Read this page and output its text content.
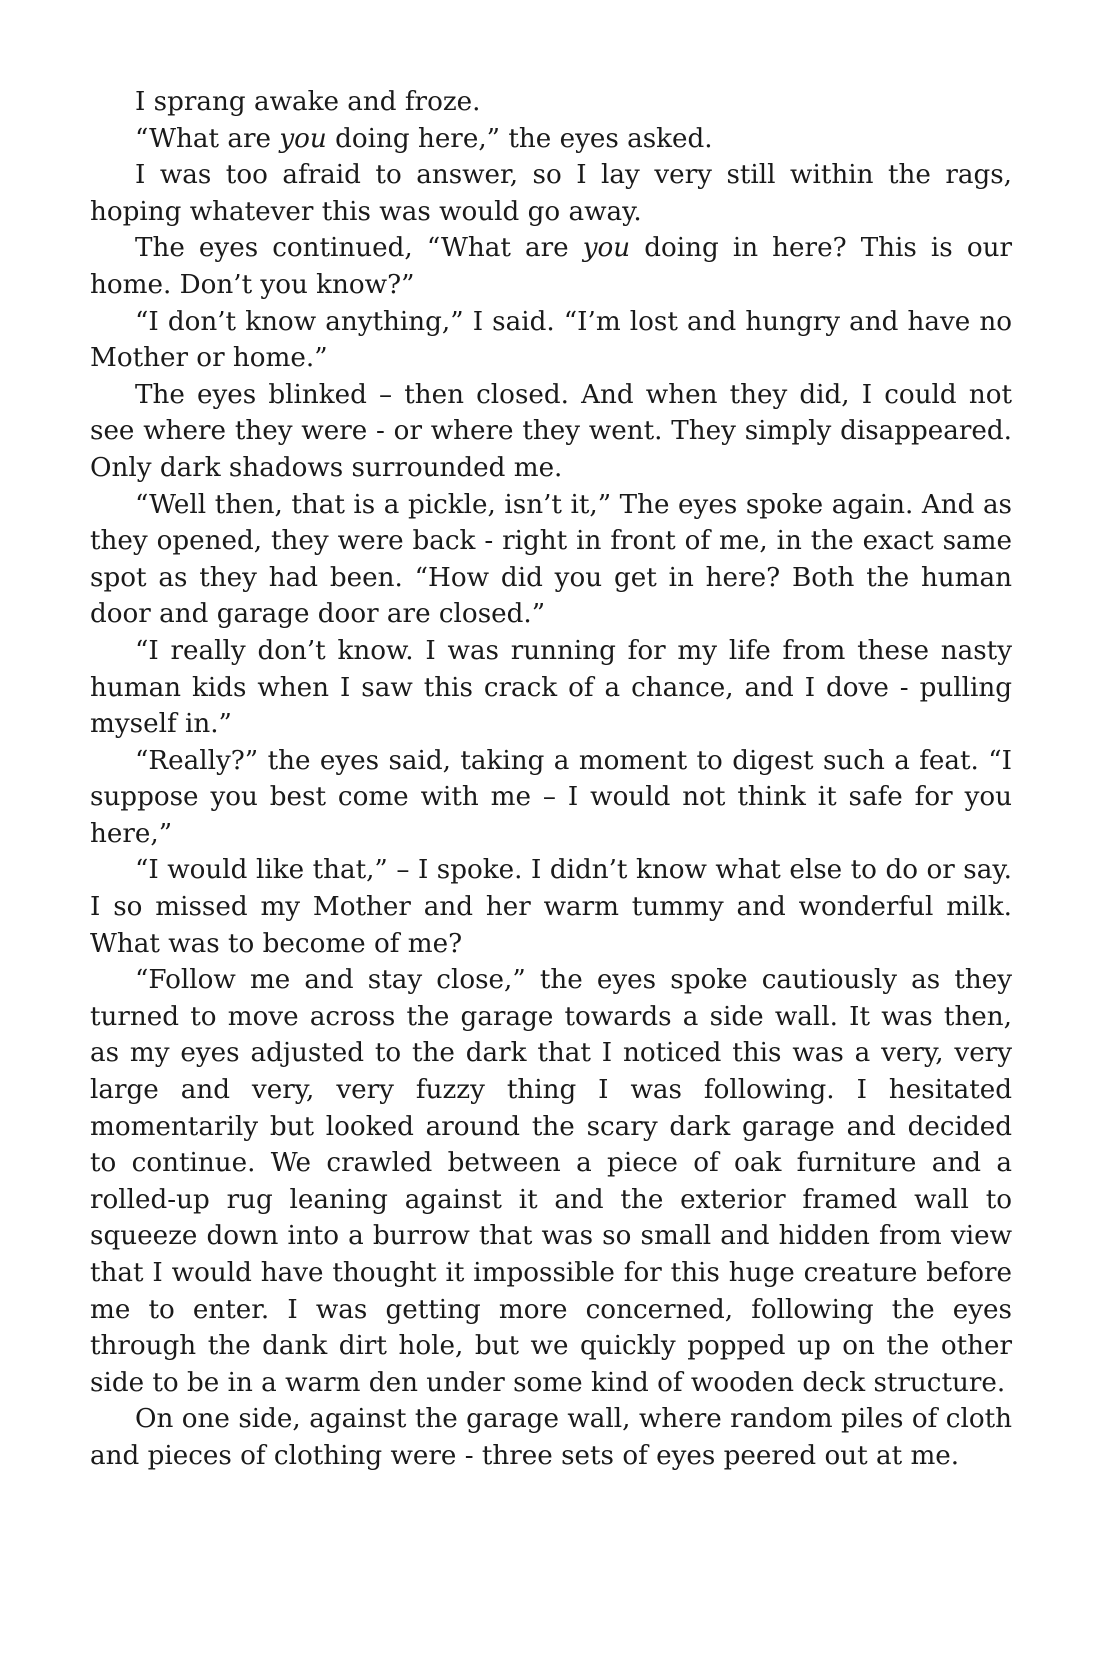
I sprang awake and froze.

“What are you doing here,” the eyes asked.

I was too afraid to answer, so I lay very still within the rags, hoping whatever this was would go away.

The eyes continued, “What are you doing in here? This is our home. Don’t you know?”

“I don’t know anything,” I said. “I’m lost and hungry and have no Mother or home.”

The eyes blinked – then closed. And when they did, I could not see where they were - or where they went. They simply disappeared. Only dark shadows surrounded me.

“Well then, that is a pickle, isn’t it,” The eyes spoke again. And as they opened, they were back - right in front of me, in the exact same spot as they had been. “How did you get in here? Both the human door and garage door are closed.”

“I really don’t know. I was running for my life from these nasty human kids when I saw this crack of a chance, and I dove - pulling myself in.”

“Really?” the eyes said, taking a moment to digest such a feat. “I suppose you best come with me – I would not think it safe for you here,”

“I would like that,” – I spoke. I didn’t know what else to do or say. I so missed my Mother and her warm tummy and wonderful milk. What was to become of me?

“Follow me and stay close,” the eyes spoke cautiously as they turned to move across the garage towards a side wall. It was then, as my eyes adjusted to the dark that I noticed this was a very, very large and very, very fuzzy thing I was following. I hesitated momentarily but looked around the scary dark garage and decided to continue. We crawled between a piece of oak furniture and a rolled-up rug leaning against it and the exterior framed wall to squeeze down into a burrow that was so small and hidden from view that I would have thought it impossible for this huge creature before me to enter. I was getting more concerned, following the eyes through the dank dirt hole, but we quickly popped up on the other side to be in a warm den under some kind of wooden deck structure.

On one side, against the garage wall, where random piles of cloth and pieces of clothing were - three sets of eyes peered out at me.
